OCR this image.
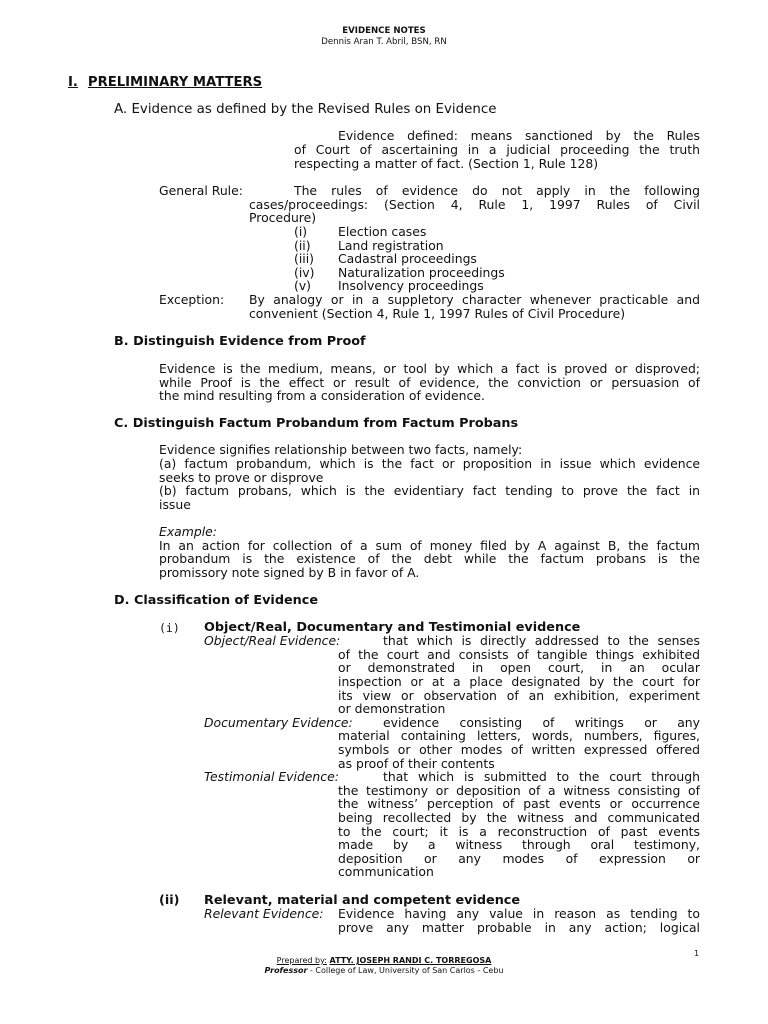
EVIDENCE NOTES
Dennis Aran T. Abril, BSN, RN
I. PRELIMINARY MATTERS
A. Evidence as defined by the Revised Rules on Evidence
Evidence defined: means sanctioned by the Rules
of Court of ascertaining in a judicial proceeding the truth
respecting a matter of fact. (Section 1, Rule 128)
General Rule:	The rules of evidence do not apply in the following
cases/proceedings: (Section 4, Rule 1, 1997 Rules of Civil
Procedure)
(i) Election cases
(ii) Land registration
(iii) Cadastral proceedings
(iv) Naturalization proceedings
(v) Insolvency proceedings
Exception: By analogy or in a suppletory character whenever practicable and
convenient (Section 4, Rule 1, 1997 Rules of Civil Procedure)
B. Distinguish Evidence from Proof
Evidence is the medium, means, or tool by which a fact is proved or disproved;
while Proof is the effect or result of evidence, the conviction or persuasion of
the mind resulting from a consideration of evidence.
C. Distinguish Factum Probandum from Factum Probans
Evidence signifies relationship between two facts, namely:
(a) factum probandum, which is the fact or proposition in issue which evidence
seeks to prove or disprove
(b) factum probans, which is the evidentiary fact tending to prove the fact in
issue
Example:
In an action for collection of a sum of money filed by A against B, the factum
probandum is the existence of the debt while the factum probans is the
promissory note signed by B in favor of A.
D. Classification of Evidence
(i) Object/Real, Documentary and Testimonial evidence
Object/Real Evidence:	that which is directly addressed to the senses
of the court and consists of tangible things exhibited
or demonstrated in open court, in an ocular
inspection or at a place designated by the court for
its view or observation of an exhibition, experiment
or demonstration
Documentary Evidence: evidence consisting of writings or any
material containing letters, words, numbers, figures,
symbols or other modes of written expressed offered
as proof of their contents
Testimonial Evidence:	that which is submitted to the court through
the testimony or deposition of a witness consisting of
the witness’ perception of past events or occurrence
being recollected by the witness and communicated
to the court; it is a reconstruction of past events
made by a witness through oral testimony,
deposition or any modes of expression or
communication
(ii) Relevant, material and competent evidence
Relevant Evidence: Evidence having any value in reason as tending to
prove any matter probable in any action; logical
1
Prepared by: ATTY. JOSEPH RANDI C. TORREGOSA
Professor - College of Law, University of San Carlos - Cebu
